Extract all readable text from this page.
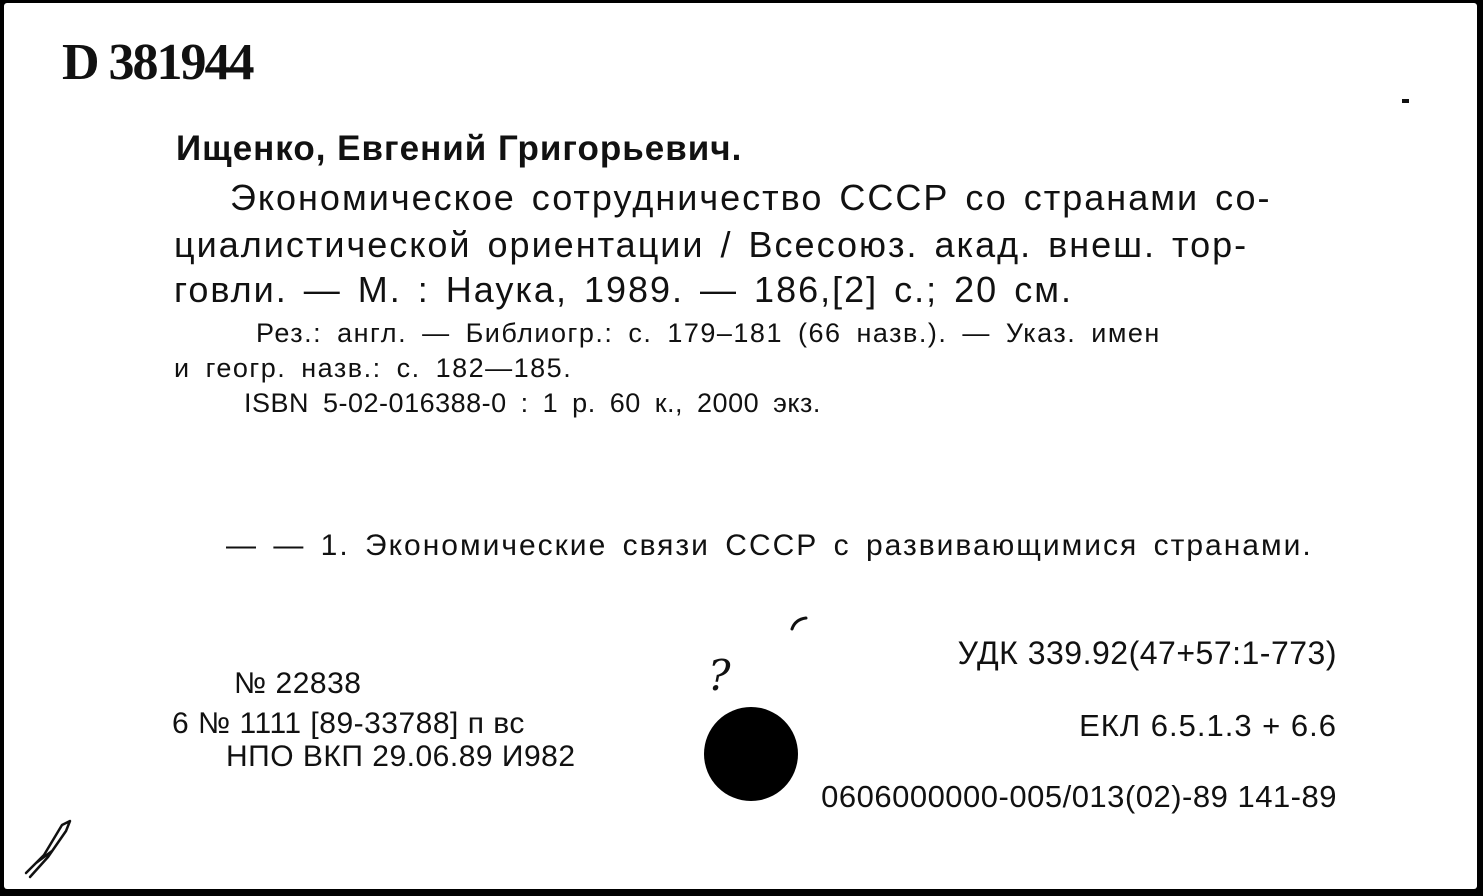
D 381944
Ищенко, Евгений Григорьевич.
Экономическое сотрудничество СССР со странами со-
циалистической ориентации / Всесоюз. акад. внеш. тор-
говли. — М. : Наука, 1989. — 186,[2] с.; 20 см.
Рез.: англ. — Библиогр.: с. 179–181 (66 назв.). — Указ. имен
и геогр. назв.: с. 182—185.
ISBN 5-02-016388-0 : 1 р. 60 к., 2000 экз.
— — 1. Экономические связи СССР с развивающимися странами.
УДК 339.92(47+57:1-773)
№ 22838
6 № 1111 [89-33788] п вс
НПО ВКП 29.06.89 И982
?
ЕКЛ 6.5.1.3 + 6.6
0606000000-005/013(02)-89 141-89
